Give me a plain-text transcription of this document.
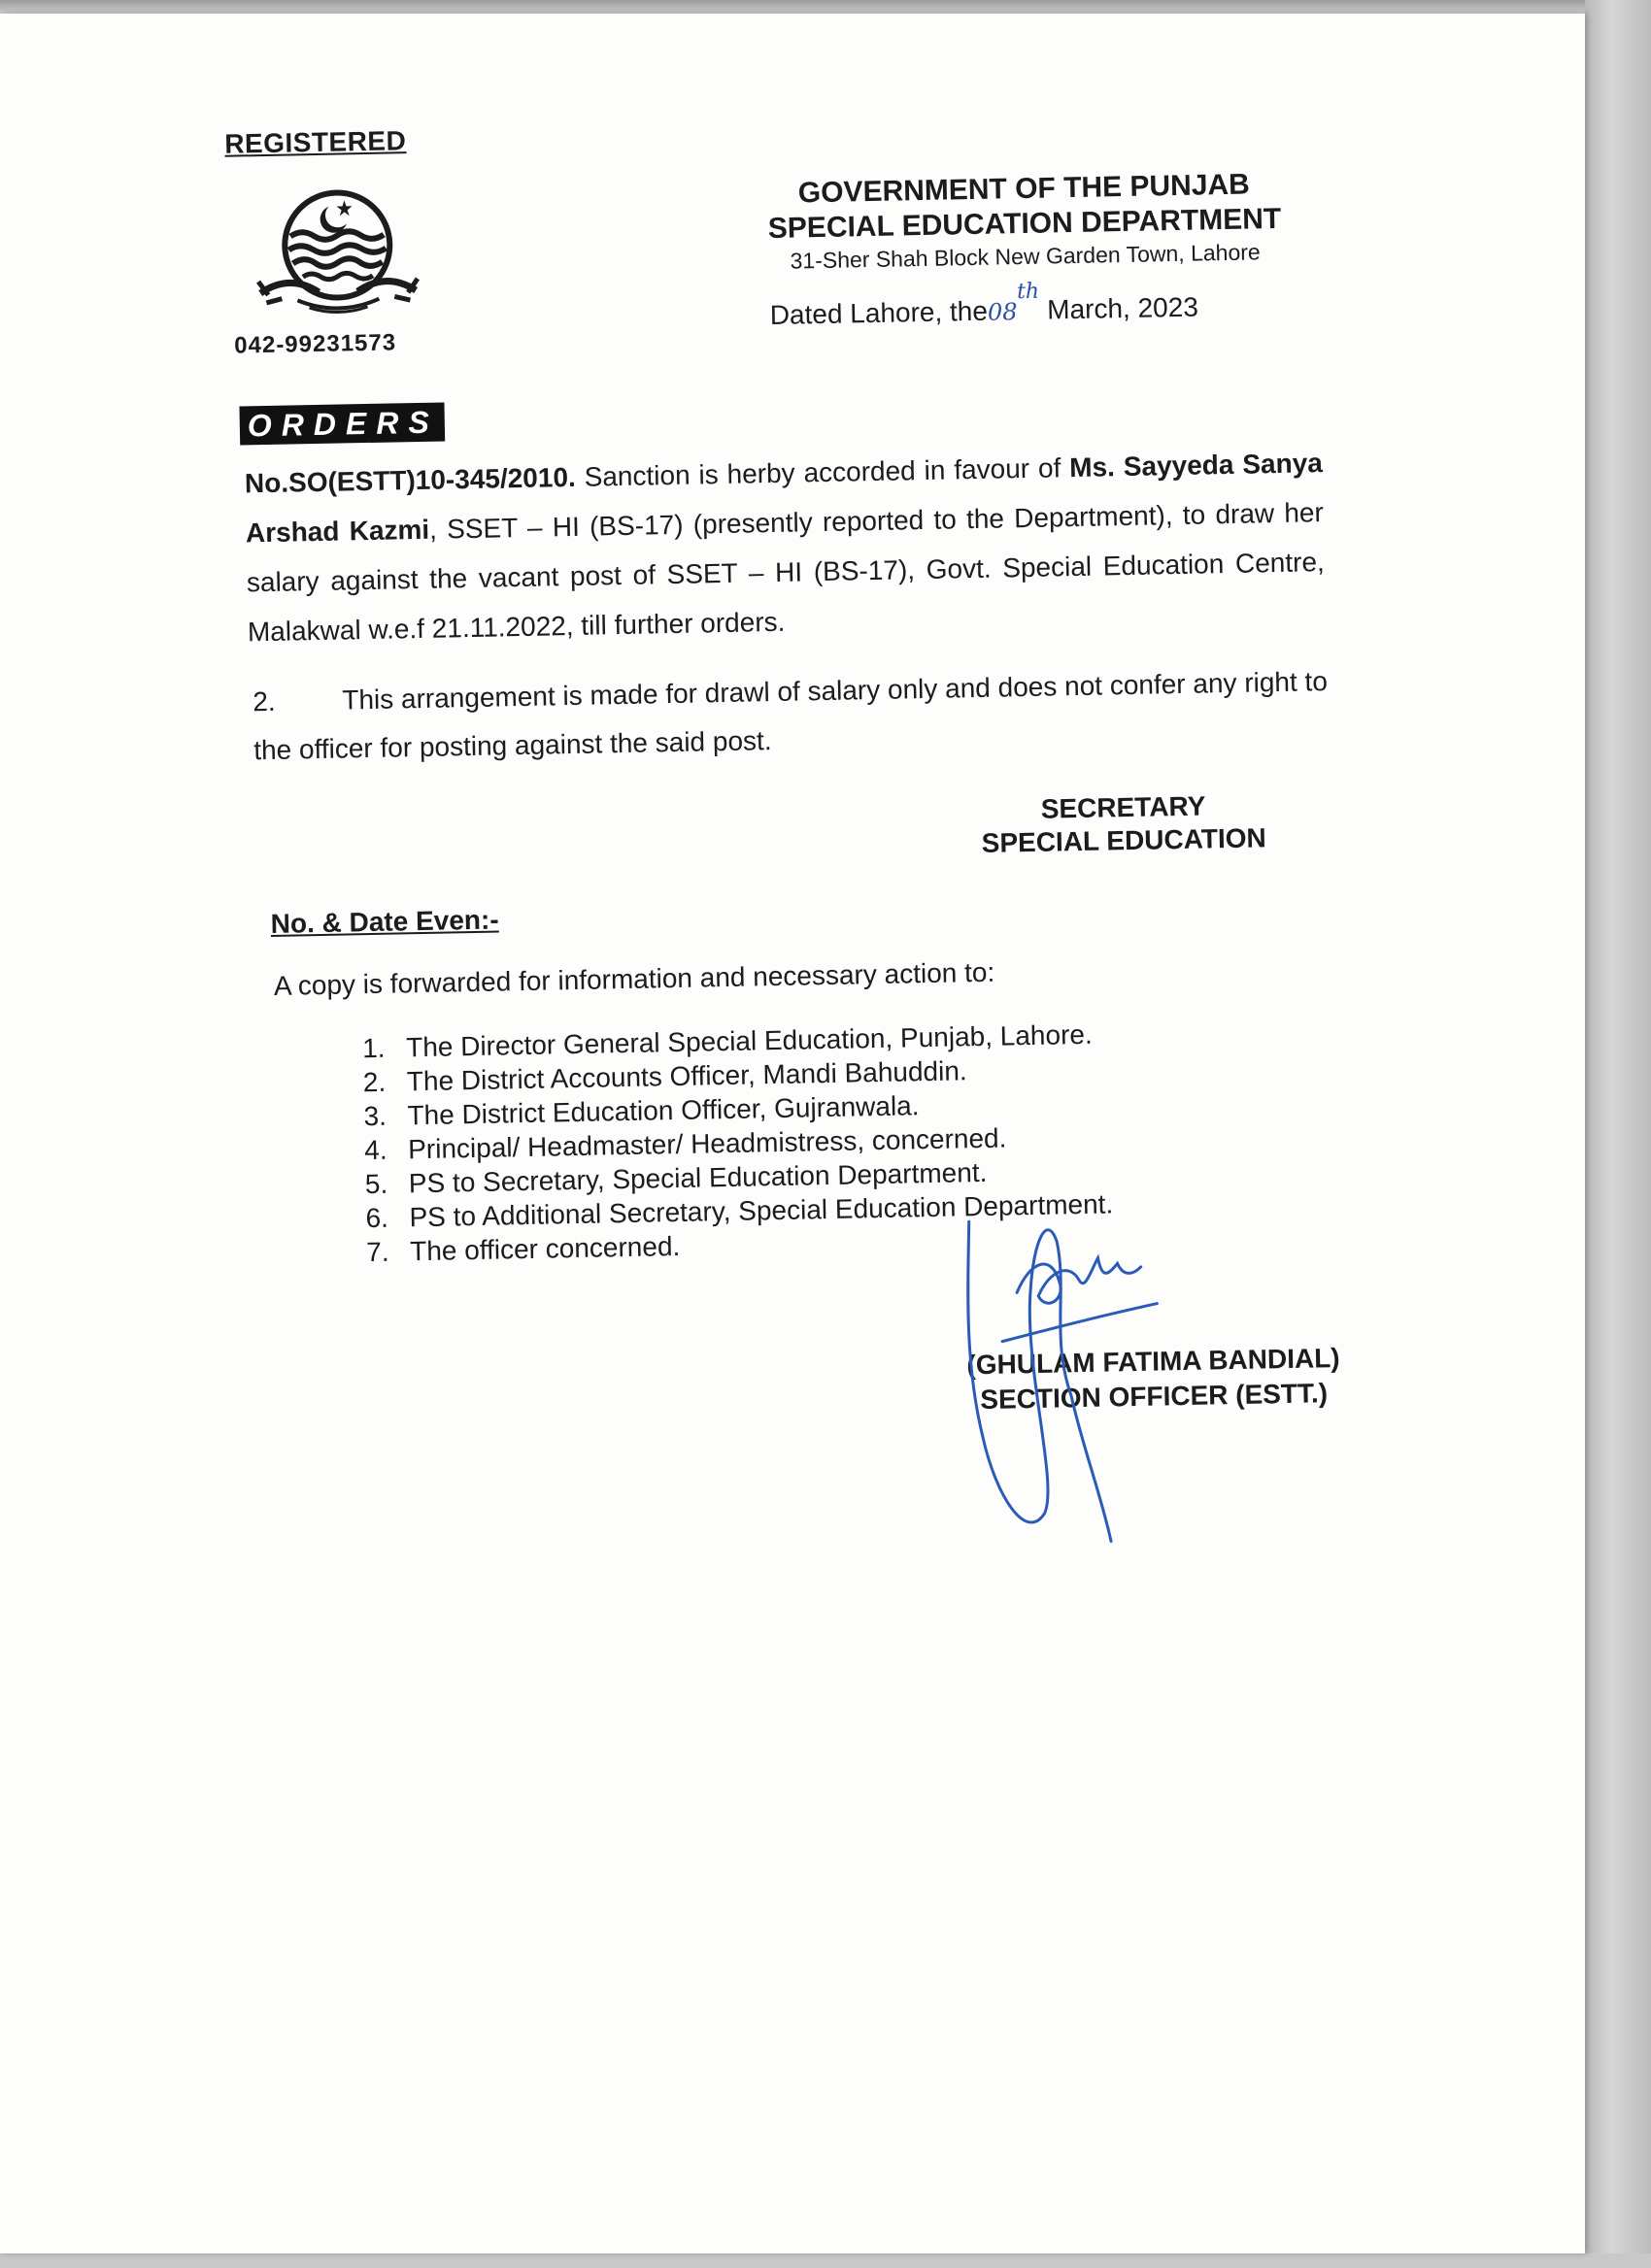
REGISTERED
042-99231573
GOVERNMENT OF THE PUNJAB
SPECIAL EDUCATION DEPARTMENT
31-Sher Shah Block New Garden Town, Lahore
Dated Lahore, the08th March, 2023
ORDERS
No.SO(ESTT)10-345/2010. Sanction is herby accorded in favour of Ms. Sayyeda Sanya Arshad Kazmi, SSET – HI (BS-17) (presently reported to the Department), to draw her salary against the vacant post of SSET – HI (BS-17), Govt. Special Education Centre, Malakwal w.e.f 21.11.2022, till further orders.
2. This arrangement is made for drawl of salary only and does not confer any right to the officer for posting against the said post.
SECRETARY
SPECIAL EDUCATION
No. & Date Even:-
A copy is forwarded for information and necessary action to:
1. The Director General Special Education, Punjab, Lahore.
2. The District Accounts Officer, Mandi Bahuddin.
3. The District Education Officer, Gujranwala.
4. Principal/ Headmaster/ Headmistress, concerned.
5. PS to Secretary, Special Education Department.
6. PS to Additional Secretary, Special Education Department.
7. The officer concerned.
(GHULAM FATIMA BANDIAL)
SECTION OFFICER (ESTT.)
